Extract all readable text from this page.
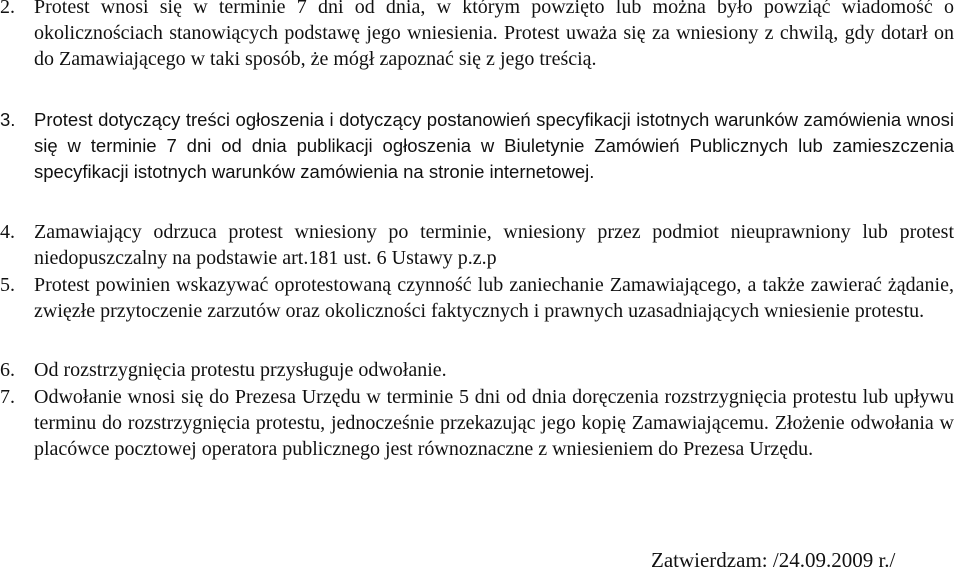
2. Protest wnosi się w terminie 7 dni od dnia, w którym powzięto lub można było powziąć wiadomość o okolicznościach stanowiących podstawę jego wniesienia. Protest uważa się za wniesiony z chwilą, gdy dotarł on do Zamawiającego w taki sposób, że mógł zapoznać się z jego treścią.
3. Protest dotyczący treści ogłoszenia i dotyczący postanowień specyfikacji istotnych warunków zamówienia wnosi się w terminie 7 dni od dnia publikacji ogłoszenia w Biuletynie Zamówień Publicznych lub zamieszczenia specyfikacji istotnych warunków zamówienia na stronie internetowej.
4. Zamawiający odrzuca protest wniesiony po terminie, wniesiony przez podmiot nieuprawniony lub protest niedopuszczalny na podstawie art.181 ust. 6 Ustawy p.z.p
5. Protest powinien wskazywać oprotestowaną czynność lub zaniechanie Zamawiającego, a także zawierać żądanie, zwięzłe przytoczenie zarzutów oraz okoliczności faktycznych i prawnych uzasadniających wniesienie protestu.
6. Od rozstrzygnięcia protestu przysługuje odwołanie.
7. Odwołanie wnosi się do Prezesa Urzędu w terminie 5 dni od dnia doręczenia rozstrzygnięcia protestu lub upływu terminu do rozstrzygnięcia protestu, jednocześnie przekazując jego kopię Zamawiającemu. Złożenie odwołania w placówce pocztowej operatora publicznego jest równoznaczne z wniesieniem do Prezesa Urzędu.
Zatwierdzam: /24.09.2009 r./
